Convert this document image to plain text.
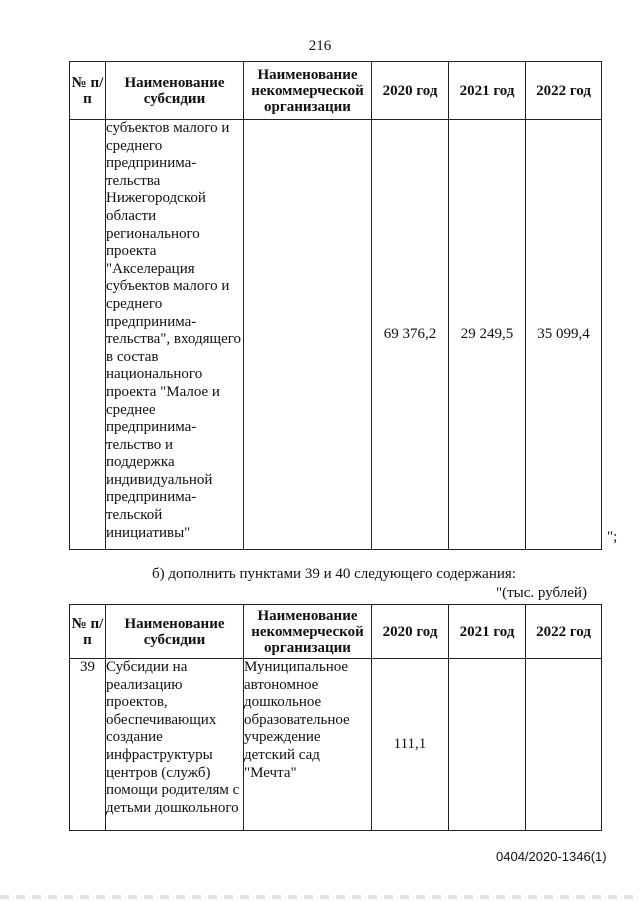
216
№ п/п	Наименование субсидии	Наименование некоммерческой организации	2020 год	2021 год	2022 год
	субъектов малого и среднего предпринима-тельства Нижегородской области регионального проекта "Акселерация субъектов малого и среднего предпринима-тельства", входящего в состав национального проекта "Малое и среднее предпринима-тельство и поддержка индивидуальной предпринима-тельской инициативы"		69 376,2	29 249,5	35 099,4
";
б) дополнить пунктами 39 и 40 следующего содержания:
"(тыс. рублей)
№ п/п	Наименование субсидии	Наименование некоммерческой организации	2020 год	2021 год	2022 год
39	Субсидии на реализацию проектов, обеспечивающих создание инфраструктуры центров (служб) помощи родителям с детьми дошкольного	Муниципальное автономное дошкольное образовательное учреждение детский сад "Мечта"	111,1		
0404/2020-1346(1)
